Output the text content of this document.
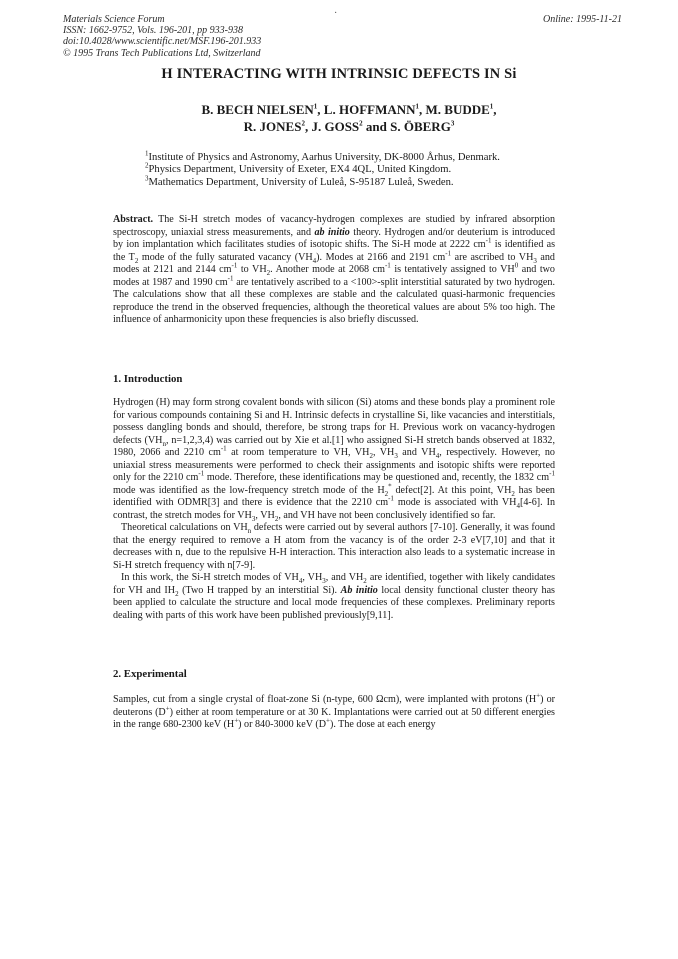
Materials Science Forum
ISSN: 1662-9752, Vols. 196-201, pp 933-938
doi:10.4028/www.scientific.net/MSF.196-201.933
© 1995 Trans Tech Publications Ltd, Switzerland
Online: 1995-11-21
·
H INTERACTING WITH INTRINSIC DEFECTS IN Si
B. BECH NIELSEN$^1$, L. HOFFMANN$^1$, M. BUDDE$^1$,
R. JONES$^2$, J. GOSS$^2$ and S. ÖBERG$^3$
$^1$Institute of Physics and Astronomy, Aarhus University, DK-8000 Århus, Denmark.
$^2$Physics Department, University of Exeter, EX4 4QL, United Kingdom.
$^3$Mathematics Department, University of Luleå, S-95187 Luleå, Sweden.

Abstract. The Si-H stretch modes of vacancy-hydrogen complexes are studied by infrared absorption spectroscopy, uniaxial stress measurements, and ab initio theory. Hydrogen and/or deuterium is introduced by ion implantation which facilitates studies of isotopic shifts. The Si-H mode at 2222 $cm^{-1}$ is identified as the $T_2$ mode of the fully saturated vacancy $(VH_4)$. Modes at 2166 and 2191 $cm^{-1}$ are ascribed to $VH_3$ and modes at 2121 and 2144 $cm^{-1}$ to $VH_2$. Another mode at 2068 $cm^{-1}$ is tentatively assigned to $VH^0$ and two modes at 1987 and 1990 $cm^{-1}$ are tentatively ascribed to a <100>-split interstitial saturated by two hydrogen. The calculations show that all these complexes are stable and the calculated quasi-harmonic frequencies reproduce the trend in the observed frequencies, although the theoretical values are about 5% too high. The influence of anharmonicity upon these frequencies is also briefly discussed.

1. Introduction

Hydrogen (H) may form strong covalent bonds with silicon (Si) atoms and these bonds play a prominent role for various compounds containing Si and H. Intrinsic defects in crystalline Si, like vacancies and interstitials, possess dangling bonds and should, therefore, be strong traps for H. Previous work on vacancy-hydrogen defects ($VH_n$, n=1,2,3,4) was carried out by Xie et al.[1] who assigned Si-H stretch bands observed at 1832, 1980, 2066 and 2210 $cm^{-1}$ at room temperature to VH, $VH_2$, $VH_3$ and $VH_4$, respectively. However, no uniaxial stress measurements were performed to check their assignments and isotopic shifts were reported only for the 2210 $cm^{-1}$ mode. Therefore, these identifications may be questioned and, recently, the 1832 $cm^{-1}$ mode was identified as the low-frequency stretch mode of the $H_2^*$ defect[2]. At this point, $VH_2$ has been identified with ODMR[3] and there is evidence that the 2210 $cm^{-1}$ mode is associated with $VH_4[4-6]$. In contrast, the stretch modes for $VH_3$, $VH_2$, and VH have not been conclusively identified so far.

Theoretical calculations on $VH_n$ defects were carried out by several authors [7-10]. Generally, it was found that the energy required to remove a H atom from the vacancy is of the order 2-3 eV[7,10] and that it decreases with n, due to the repulsive H-H interaction. This interaction also leads to a systematic increase in Si-H stretch frequency with n[7-9].

In this work, the Si-H stretch modes of $VH_4$, $VH_3$, and $VH_2$ are identified, together with likely candidates for VH and $IH_2$ (Two H trapped by an interstitial Si). Ab initio local density functional cluster theory has been applied to calculate the structure and local mode frequencies of these complexes. Preliminary reports dealing with parts of this work have been published previously[9,11].

2. Experimental

Samples, cut from a single crystal of float-zone Si (n-type, 600 Ωcm), were implanted with protons (H+) or deuterons (D+) either at room temperature or at 30 K. Implantations were carried out at 50 different energies in the range 680-2300 keV (H+) or 840-3000 keV (D+). The dose at each energy
